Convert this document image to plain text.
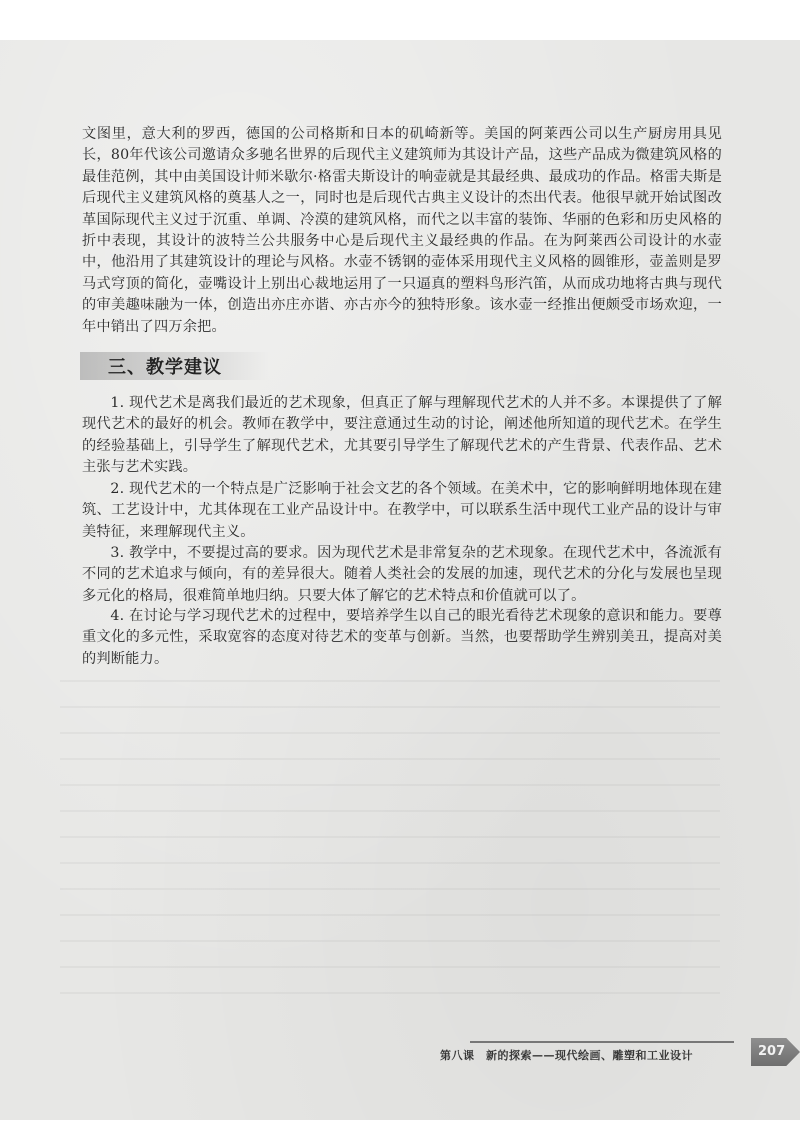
文图里，意大利的罗西，德国的公司格斯和日本的矶崎新等。美国的阿莱西公司以生产厨房用具见长，80年代该公司邀请众多驰名世界的后现代主义建筑师为其设计产品，这些产品成为微建筑风格的最佳范例，其中由美国设计师米歇尔·格雷夫斯设计的响壶就是其最经典、最成功的作品。格雷夫斯是后现代主义建筑风格的奠基人之一，同时也是后现代古典主义设计的杰出代表。他很早就开始试图改革国际现代主义过于沉重、单调、冷漠的建筑风格，而代之以丰富的装饰、华丽的色彩和历史风格的折中表现，其设计的波特兰公共服务中心是后现代主义最经典的作品。在为阿莱西公司设计的水壶中，他沿用了其建筑设计的理论与风格。水壶不锈钢的壶体采用现代主义风格的圆锥形，壶盖则是罗马式穹顶的简化，壶嘴设计上别出心裁地运用了一只逼真的塑料鸟形汽笛，从而成功地将古典与现代的审美趣味融为一体，创造出亦庄亦谐、亦古亦今的独特形象。该水壶一经推出便颇受市场欢迎，一年中销出了四万余把。

三、教学建议

1. 现代艺术是离我们最近的艺术现象，但真正了解与理解现代艺术的人并不多。本课提供了了解现代艺术的最好的机会。教师在教学中，要注意通过生动的讨论，阐述他所知道的现代艺术。在学生的经验基础上，引导学生了解现代艺术，尤其要引导学生了解现代艺术的产生背景、代表作品、艺术主张与艺术实践。

2. 现代艺术的一个特点是广泛影响于社会文艺的各个领域。在美术中，它的影响鲜明地体现在建筑、工艺设计中，尤其体现在工业产品设计中。在教学中，可以联系生活中现代工业产品的设计与审美特征，来理解现代主义。

3. 教学中，不要提过高的要求。因为现代艺术是非常复杂的艺术现象。在现代艺术中，各流派有不同的艺术追求与倾向，有的差异很大。随着人类社会的发展的加速，现代艺术的分化与发展也呈现多元化的格局，很难简单地归纳。只要大体了解它的艺术特点和价值就可以了。

4. 在讨论与学习现代艺术的过程中，要培养学生以自己的眼光看待艺术现象的意识和能力。要尊重文化的多元性，采取宽容的态度对待艺术的变革与创新。当然，也要帮助学生辨别美丑，提高对美的判断能力。

第八课　新的探索——现代绘画、雕塑和工业设计	207
